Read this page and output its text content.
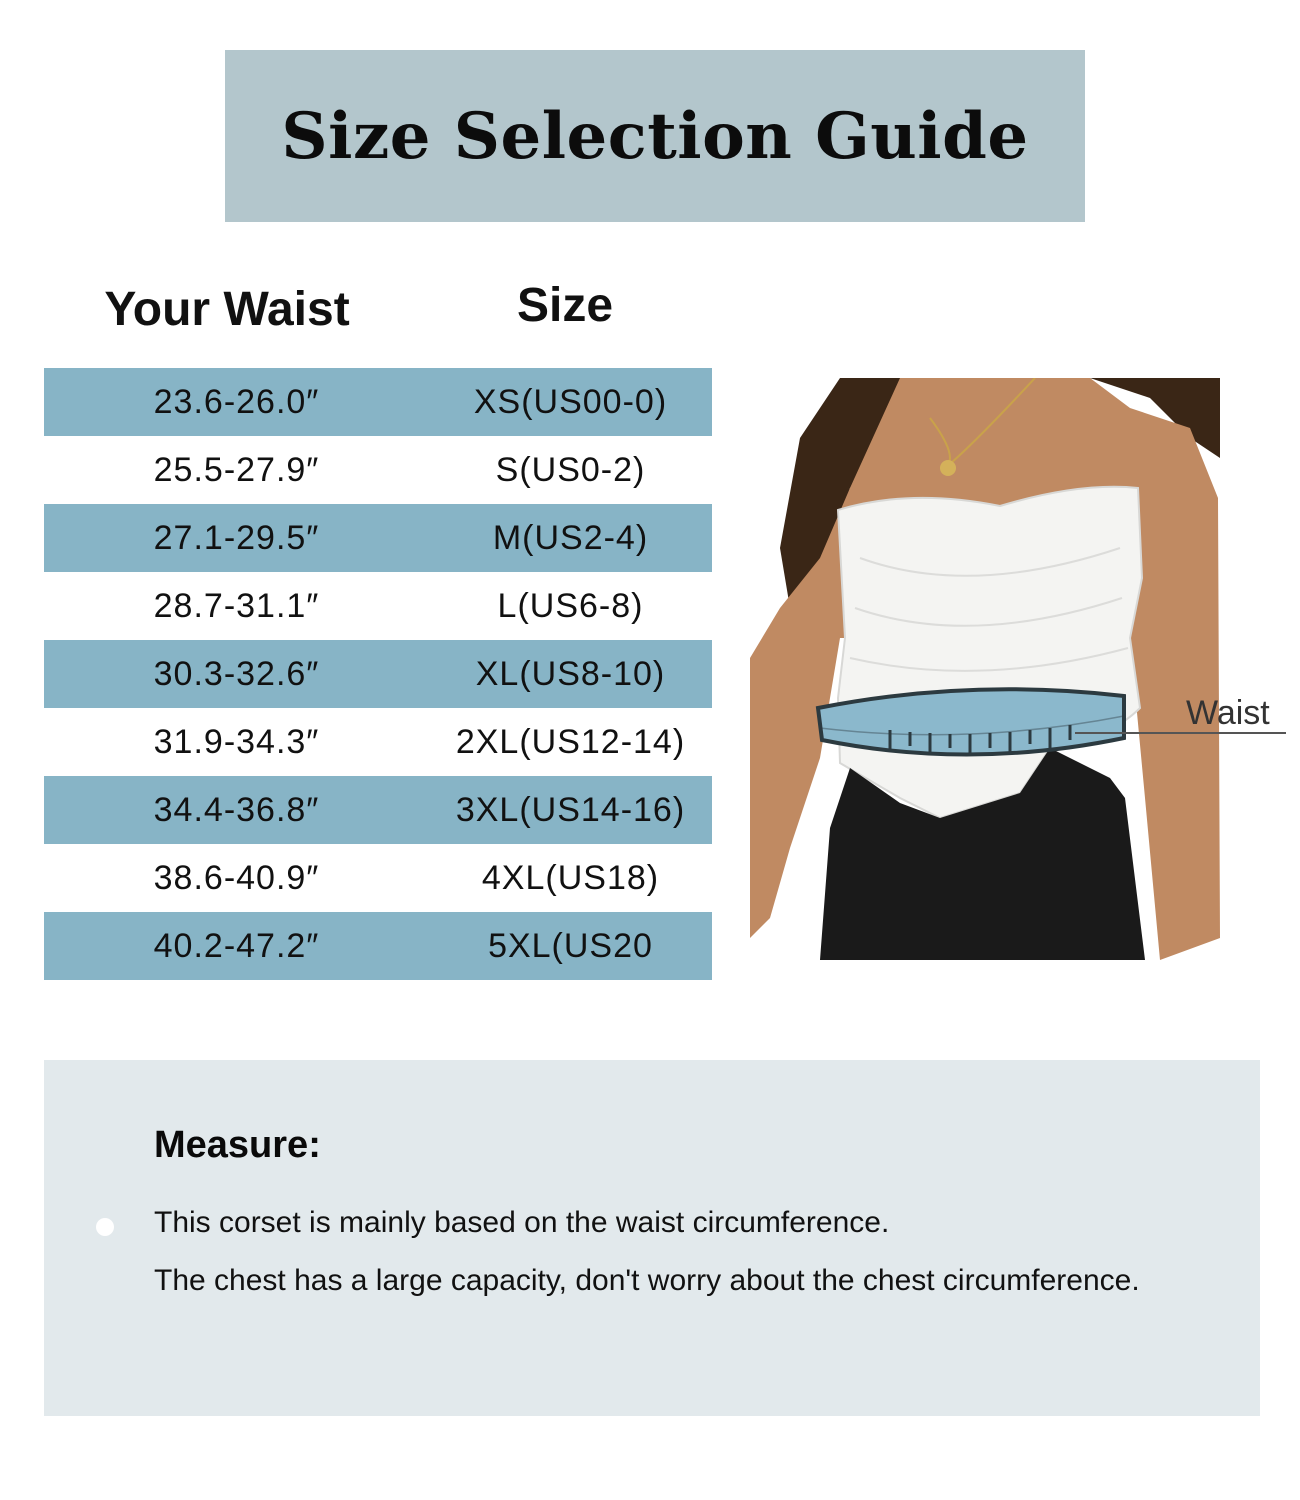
Size Selection Guide
Your Waist	Size
23.6-26.0″	XS(US00-0)
25.5-27.9″	S(US0-2)
27.1-29.5″	M(US2-4)
28.7-31.1″	L(US6-8)
30.3-32.6″	XL(US8-10)
31.9-34.3″	2XL(US12-14)
34.4-36.8″	3XL(US14-16)
38.6-40.9″	4XL(US18)
40.2-47.2″	5XL(US20
Waist
Measure:

This corset is mainly based on the waist circumference.

The chest has a large capacity, don't worry about the chest circumference.
